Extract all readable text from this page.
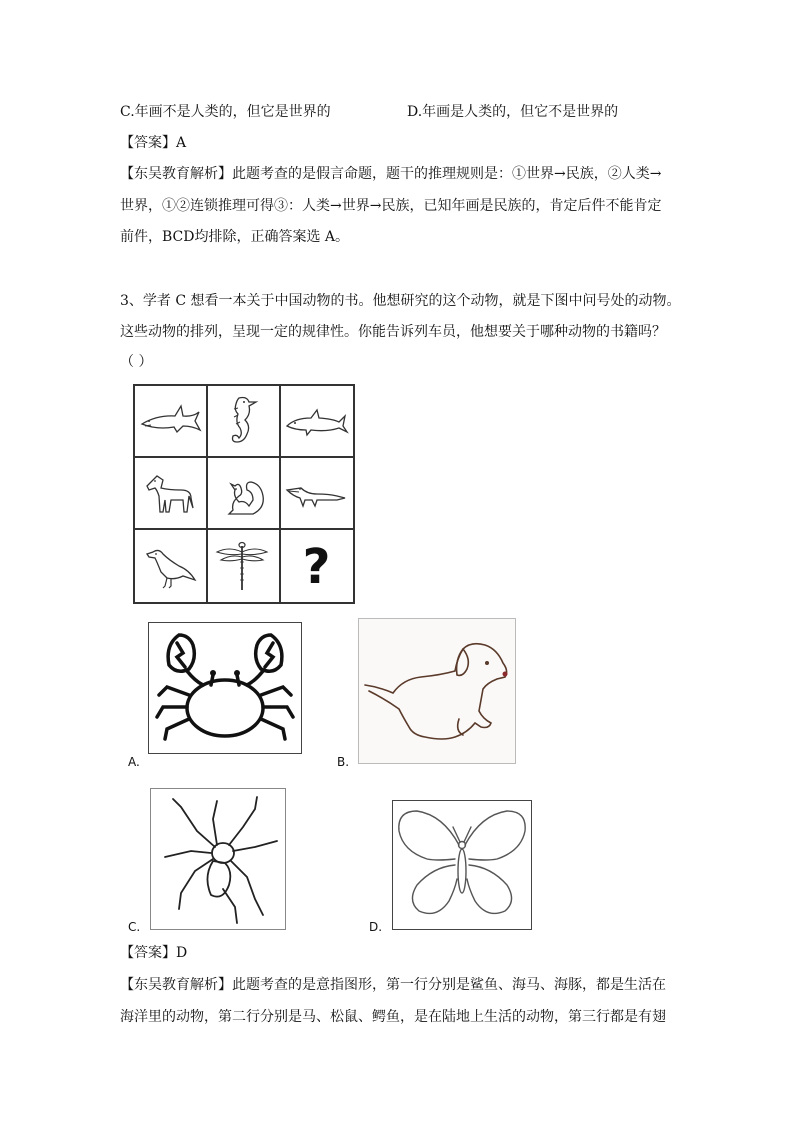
C.年画不是人类的，但它是世界的	D.年画是人类的，但它不是世界的
【答案】A
【东吴教育解析】此题考查的是假言命题，题干的推理规则是：①世界→民族，②人类→
世界，①②连锁推理可得③：人类→世界→民族，已知年画是民族的，肯定后件不能肯定
前件，BCD均排除，正确答案选 A。
3、学者 C 想看一本关于中国动物的书。他想研究的这个动物，就是下图中问号处的动物。
这些动物的排列，呈现一定的规律性。你能告诉列车员，他想要关于哪种动物的书籍吗？
（ ）
?
A.	B.
C.	D.
【答案】D
【东吴教育解析】此题考查的是意指图形，第一行分别是鲨鱼、海马、海豚，都是生活在
海洋里的动物，第二行分别是马、松鼠、鳄鱼，是在陆地上生活的动物，第三行都是有翅
